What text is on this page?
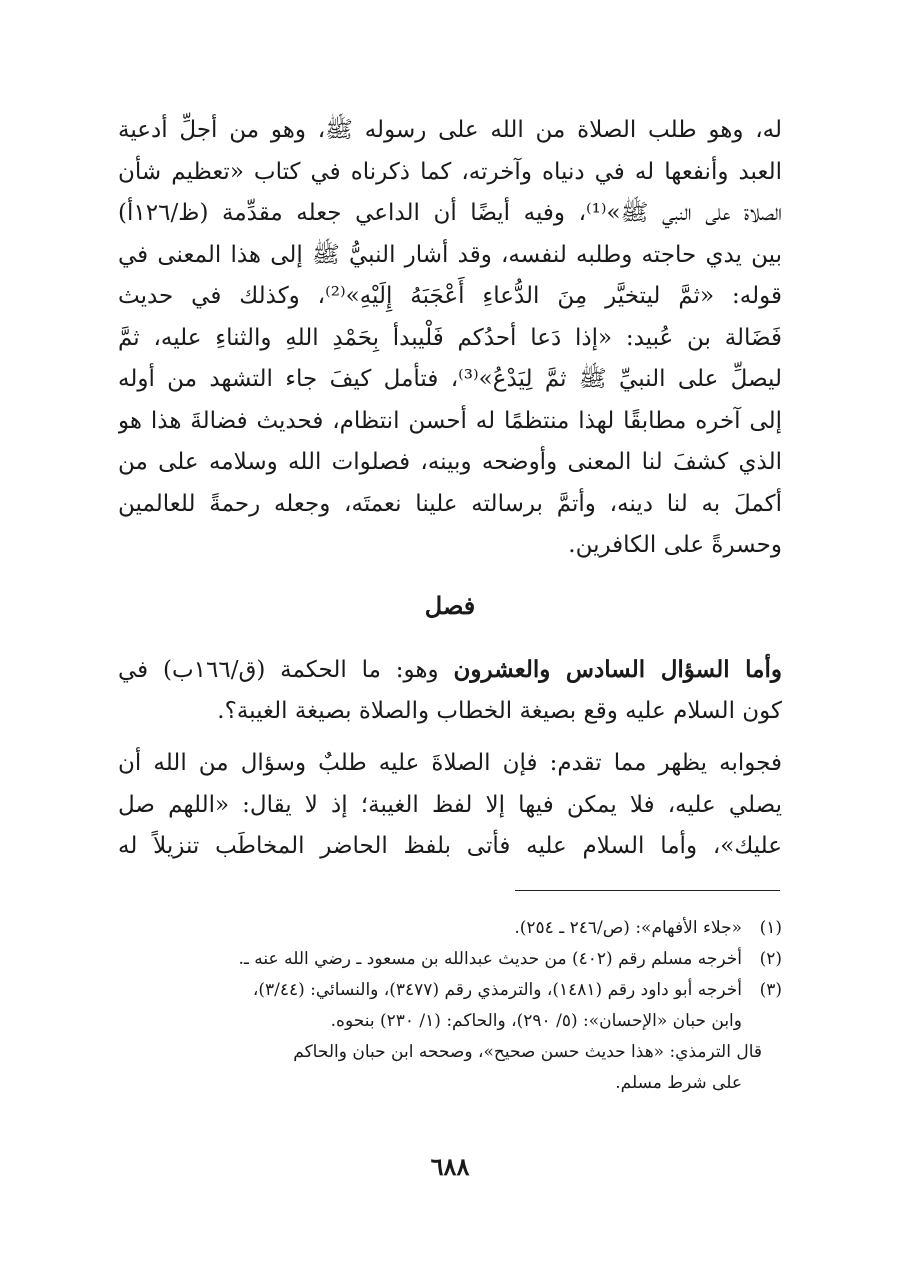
له، وهو طلب الصلاة من الله على رسوله ﷺ، وهو من أجلِّ أدعية
العبد وأنفعها له في دنياه وآخرته، كما ذكرناه في كتاب «تعظيم شأن
الصلاة على النبي ﷺ»⁽¹⁾، وفيه أيضًا أن الداعي جعله مقدِّمة (ظ/١٢٦أ)
بين يدي حاجته وطلبه لنفسه، وقد أشار النبيُّ ﷺ إلى هذا المعنى في
قوله: «ثمَّ ليتخيَّر مِنَ الدُّعاءِ أَعْجَبَهُ إِلَيْهِ»⁽²⁾، وكذلك في حديث
فَضَالة بن عُبيد: «إذا دَعا أحدُكم فَلْيبدأ بِحَمْدِ اللهِ والثناءِ عليه، ثمَّ
ليصلِّ على النبيِّ ﷺ ثمَّ لِيَدْعُ»⁽³⁾، فتأمل كيفَ جاء التشهد من أوله
إلى آخره مطابقًا لهذا منتظمًا له أحسن انتظام، فحديث فضالةَ هذا هو
الذي كشفَ لنا المعنى وأوضحه وبينه، فصلوات الله وسلامه على من
أكملَ به لنا دينه، وأتمَّ برسالته علينا نعمتَه، وجعله رحمةً للعالمين
وحسرةً على الكافرين.
فصل
وأما السؤال السادس والعشرون وهو: ما الحكمة (ق/١٦٦ب) في
كون السلام عليه وقع بصيغة الخطاب والصلاة بصيغة الغيبة؟.
فجوابه يظهر مما تقدم: فإن الصلاةَ عليه طلبٌ وسؤال من الله أن
يصلي عليه، فلا يمكن فيها إلا لفظ الغيبة؛ إذ لا يقال: «اللهم صل
عليك»، وأما السلام عليه فأتى بلفظ الحاضر المخاطَب تنزيلاً له
(١)«جلاء الأفهام»: (ص/٢٤٦ ـ ٢٥٤).
(٢)أخرجه مسلم رقم (٤٠٢) من حديث عبدالله بن مسعود ـ رضي الله عنه ـ.
(٣)أخرجه أبو داود رقم (١٤٨١)، والترمذي رقم (٣٤٧٧)، والنسائي: (٣/٤٤)،
وابن حبان «الإحسان»: (٥/ ٢٩٠)، والحاكم: (١/ ٢٣٠) بنحوه.
قال الترمذي: «هذا حديث حسن صحيح»، وصححه ابن حبان والحاكم
على شرط مسلم.
٦٨٨
